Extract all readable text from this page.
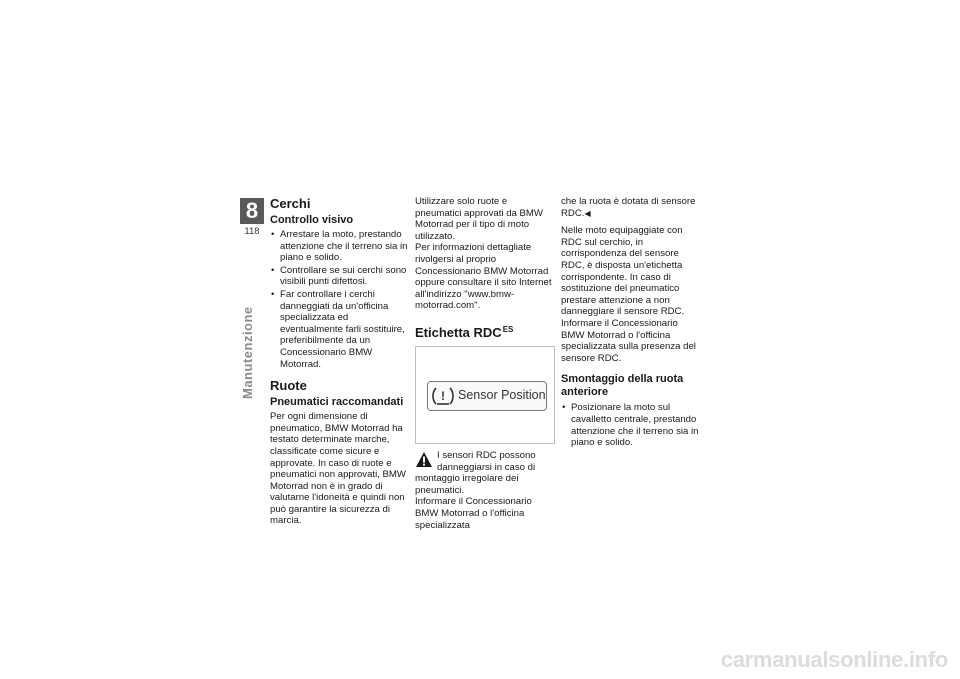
8
118
Manutenzione
Cerchi
Controllo visivo
• Arrestare la moto, prestando attenzione che il terreno sia in piano e solido.
• Controllare se sui cerchi sono visibili punti difettosi.
• Far controllare i cerchi danneggiati da un'officina specializzata ed eventualmente farli sostituire, preferibilmente da un Concessionario BMW Motorrad.
Ruote
Pneumatici raccomandati

Per ogni dimensione di pneumatico, BMW Motorrad ha testato determinate marche, classificate come sicure e approvate. In caso di ruote e pneumatici non approvati, BMW Motorrad non è in grado di valutarne l'idoneità e quindi non può garantire la sicurezza di marcia.

Utilizzare solo ruote e pneumatici approvati da BMW Motorrad per il tipo di moto utilizzato.

Per informazioni dettagliate rivolgersi al proprio Concessionario BMW Motorrad oppure consultare il sito Internet all'indirizzo "www.bmw-motorrad.com".

Etichetta $RDC^{ES}$
! Sensor Position

I sensori RDC possono danneggiarsi in caso di montaggio irregolare dei pneumatici.

Informare il Concessionario BMW Motorrad o l'officina specializzata

che la ruota è dotata di sensore RDC.◀

Nelle moto equipaggiate con RDC sul cerchio, in corrispondenza del sensore RDC, è disposta un'etichetta corrispondente. In caso di sostituzione del pneumatico prestare attenzione a non danneggiare il sensore RDC. Informare il Concessionario BMW Motorrad o l'officina specializzata sulla presenza del sensore RDC.

Smontaggio della ruota anteriore
• Posizionare la moto sul cavalletto centrale, prestando attenzione che il terreno sia in piano e solido.
carmanualsonline.info
